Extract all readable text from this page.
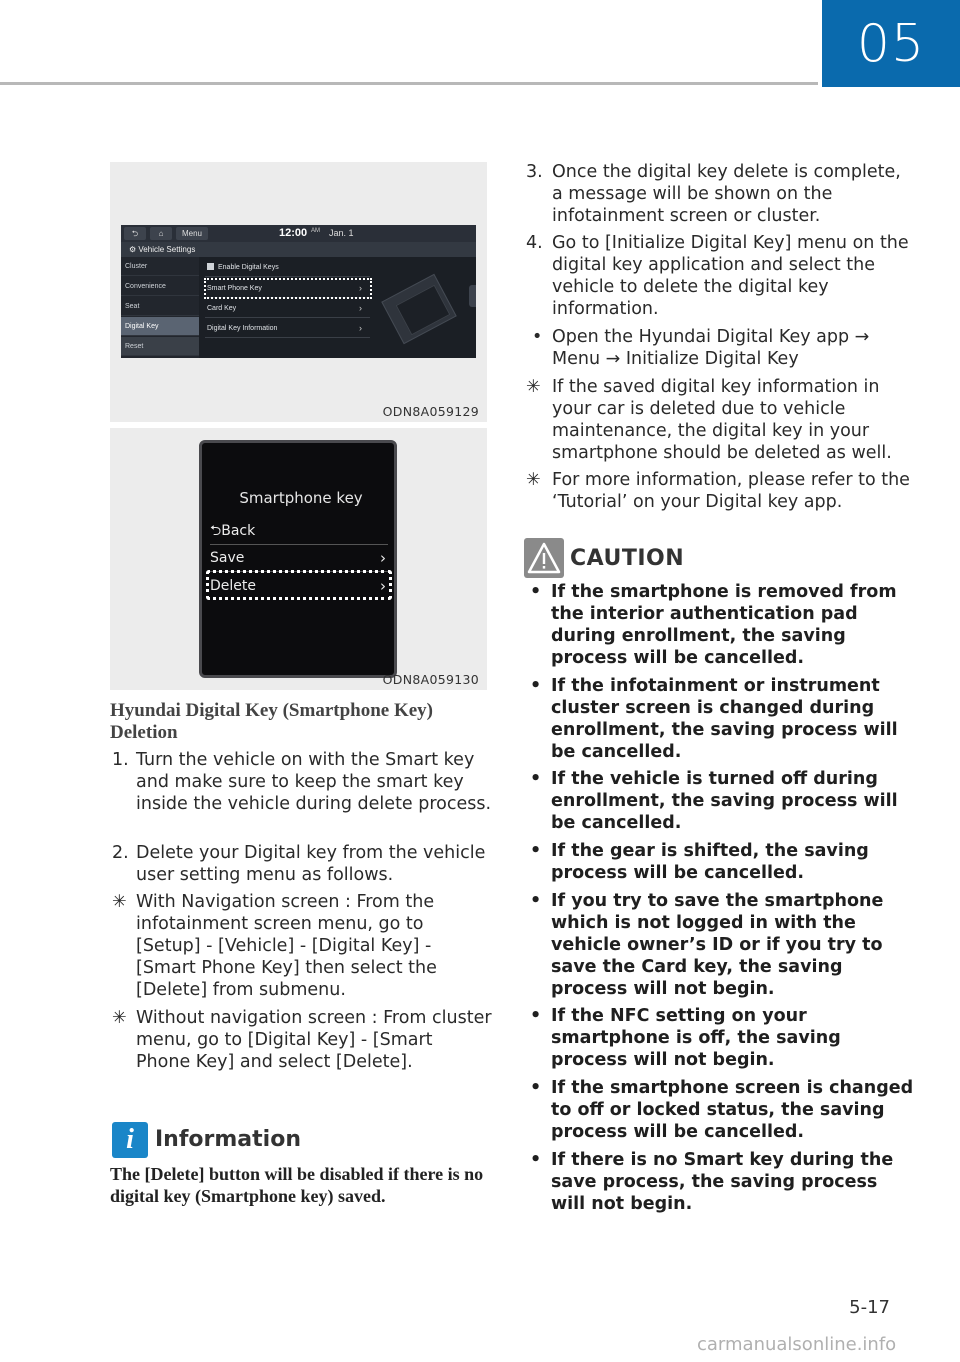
05
⮌	⌂	Menu	12:00 AM Jan. 1
⚙ Vehicle Settings
Cluster
Convenience
Seat
Digital Key
Reset
Enable Digital Keys
Smart Phone Key	›
Card Key	›
Digital Key Information	›
ODN8A059129
Smartphone key
⮌Back
Save	›
Delete	›
ODN8A059130
Hyundai Digital Key (Smartphone Key) Deletion
1. Turn the vehicle on with the Smart key and make sure to keep the smart key inside the vehicle during delete process.
2. Delete your Digital key from the vehicle user setting menu as follows.
✳ With Navigation screen : From the infotainment screen menu, go to [Setup] - [Vehicle] - [Digital Key] - [Smart Phone Key] then select the [Delete] from submenu.
✳ Without navigation screen : From cluster menu, go to [Digital Key] - [Smart Phone Key] and select [Delete].
i Information
The [Delete] button will be disabled if there is no digital key (Smartphone key) saved.
3. Once the digital key delete is complete, a message will be shown on the infotainment screen or cluster.
4. Go to [Initialize Digital Key] menu on the digital key application and select the vehicle to delete the digital key information.
• Open the Hyundai Digital Key app → Menu → Initialize Digital Key
✳ If the saved digital key information in your car is deleted due to vehicle maintenance, the digital key in your smartphone should be deleted as well.
✳ For more information, please refer to the ‘Tutorial’ on your Digital key app.
CAUTION
• If the smartphone is removed from the interior authentication pad during enrollment, the saving process will be cancelled.
• If the infotainment or instrument cluster screen is changed during enrollment, the saving process will be cancelled.
• If the vehicle is turned off during enrollment, the saving process will be cancelled.
• If the gear is shifted, the saving process will be cancelled.
• If you try to save the smartphone which is not logged in with the vehicle owner’s ID or if you try to save the Card key, the saving process will not begin.
• If the NFC setting on your smartphone is off, the saving process will not begin.
• If the smartphone screen is changed to off or locked status, the saving process will be cancelled.
• If there is no Smart key during the save process, the saving process will not begin.
5-17
carmanualsonline.info
